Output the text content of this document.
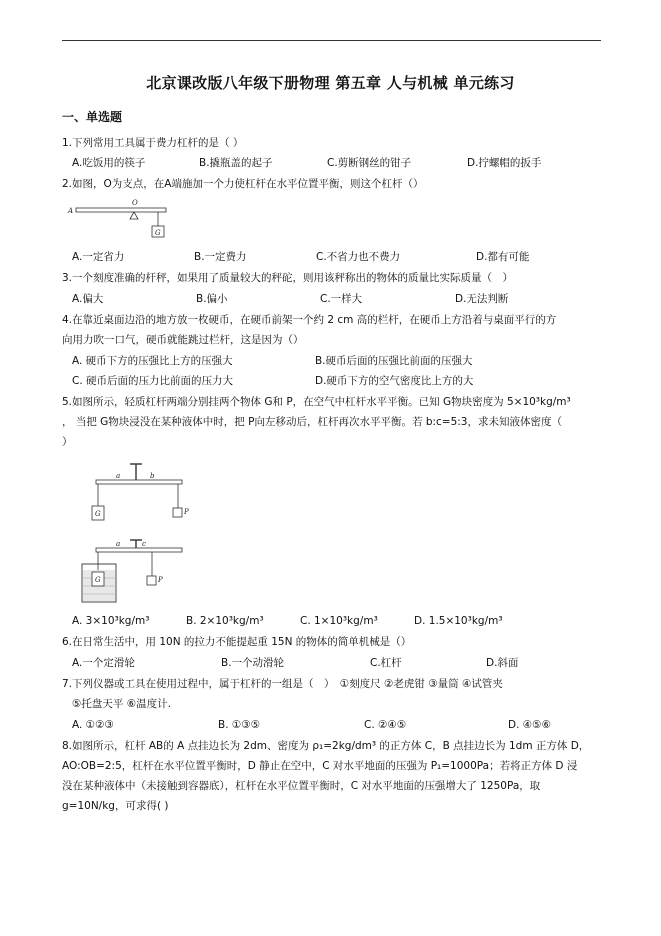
北京课改版八年级下册物理 第五章 人与机械 单元练习
一、单选题
1.下列常用工具属于费力杠杆的是（ ）
A.吃饭用的筷子	B.撬瓶盖的起子	C.剪断钢丝的钳子	D.拧螺帽的扳手
2.如图，O为支点，在A端施加一个力使杠杆在水平位置平衡，则这个杠杆（）
A
O
G
A.一定省力	B.一定费力	C.不省力也不费力	D.都有可能
3.一个刻度准确的杆秤，如果用了质量较大的秤砣，则用该秤称出的物体的质量比实际质量（　）
A.偏大	B.偏小	C.一样大	D.无法判断
4.在靠近桌面边沿的地方放一枚硬币，在硬币前架一个约 2 cm 高的栏杆，在硬币上方沿着与桌面平行的方
向用力吹一口气，硬币就能跳过栏杆，这是因为（）
A. 硬币下方的压强比上方的压强大	B.硬币后面的压强比前面的压强大
C. 硬币后面的压力比前面的压力大	D.硬币下方的空气密度比上方的大
5.如图所示，轻质杠杆两端分别挂两个物体 G和 P，在空气中杠杆水平平衡。已知 G物块密度为 5×10³kg/m³
， 当把 G物块浸没在某种液体中时，把 P向左移动后，杠杆再次水平平衡。若 b:c=5:3，求未知液体密度（
）
a	b
G	P
a	c
G	P
A. 3×10³kg/m³	B. 2×10³kg/m³	C. 1×10³kg/m³	D. 1.5×10³kg/m³
6.在日常生活中，用 10N 的拉力不能提起重 15N 的物体的简单机械是（）
A.一个定滑轮	B.一个动滑轮	C.杠杆	D.斜面
7.下列仪器或工具在使用过程中，属于杠杆的一组是（　）　①刻度尺 ②老虎钳 ③量筒 ④试管夹
⑤托盘天平 ⑥温度计.
A. ①②③	B. ①③⑤	C. ②④⑤	D. ④⑤⑥
8.如图所示，杠杆 AB的 A 点挂边长为 2dm、密度为 ρ₁=2kg/dm³ 的正方体 C，B 点挂边长为 1dm 正方体 D，
AO:OB=2:5，杠杆在水平位置平衡时，D 静止在空中，C 对水平地面的压强为 P₁=1000Pa；若将正方体 D 浸
没在某种液体中（未接触到容器底），杠杆在水平位置平衡时，C 对水平地面的压强增大了 1250Pa，取
g=10N/kg，可求得( )
